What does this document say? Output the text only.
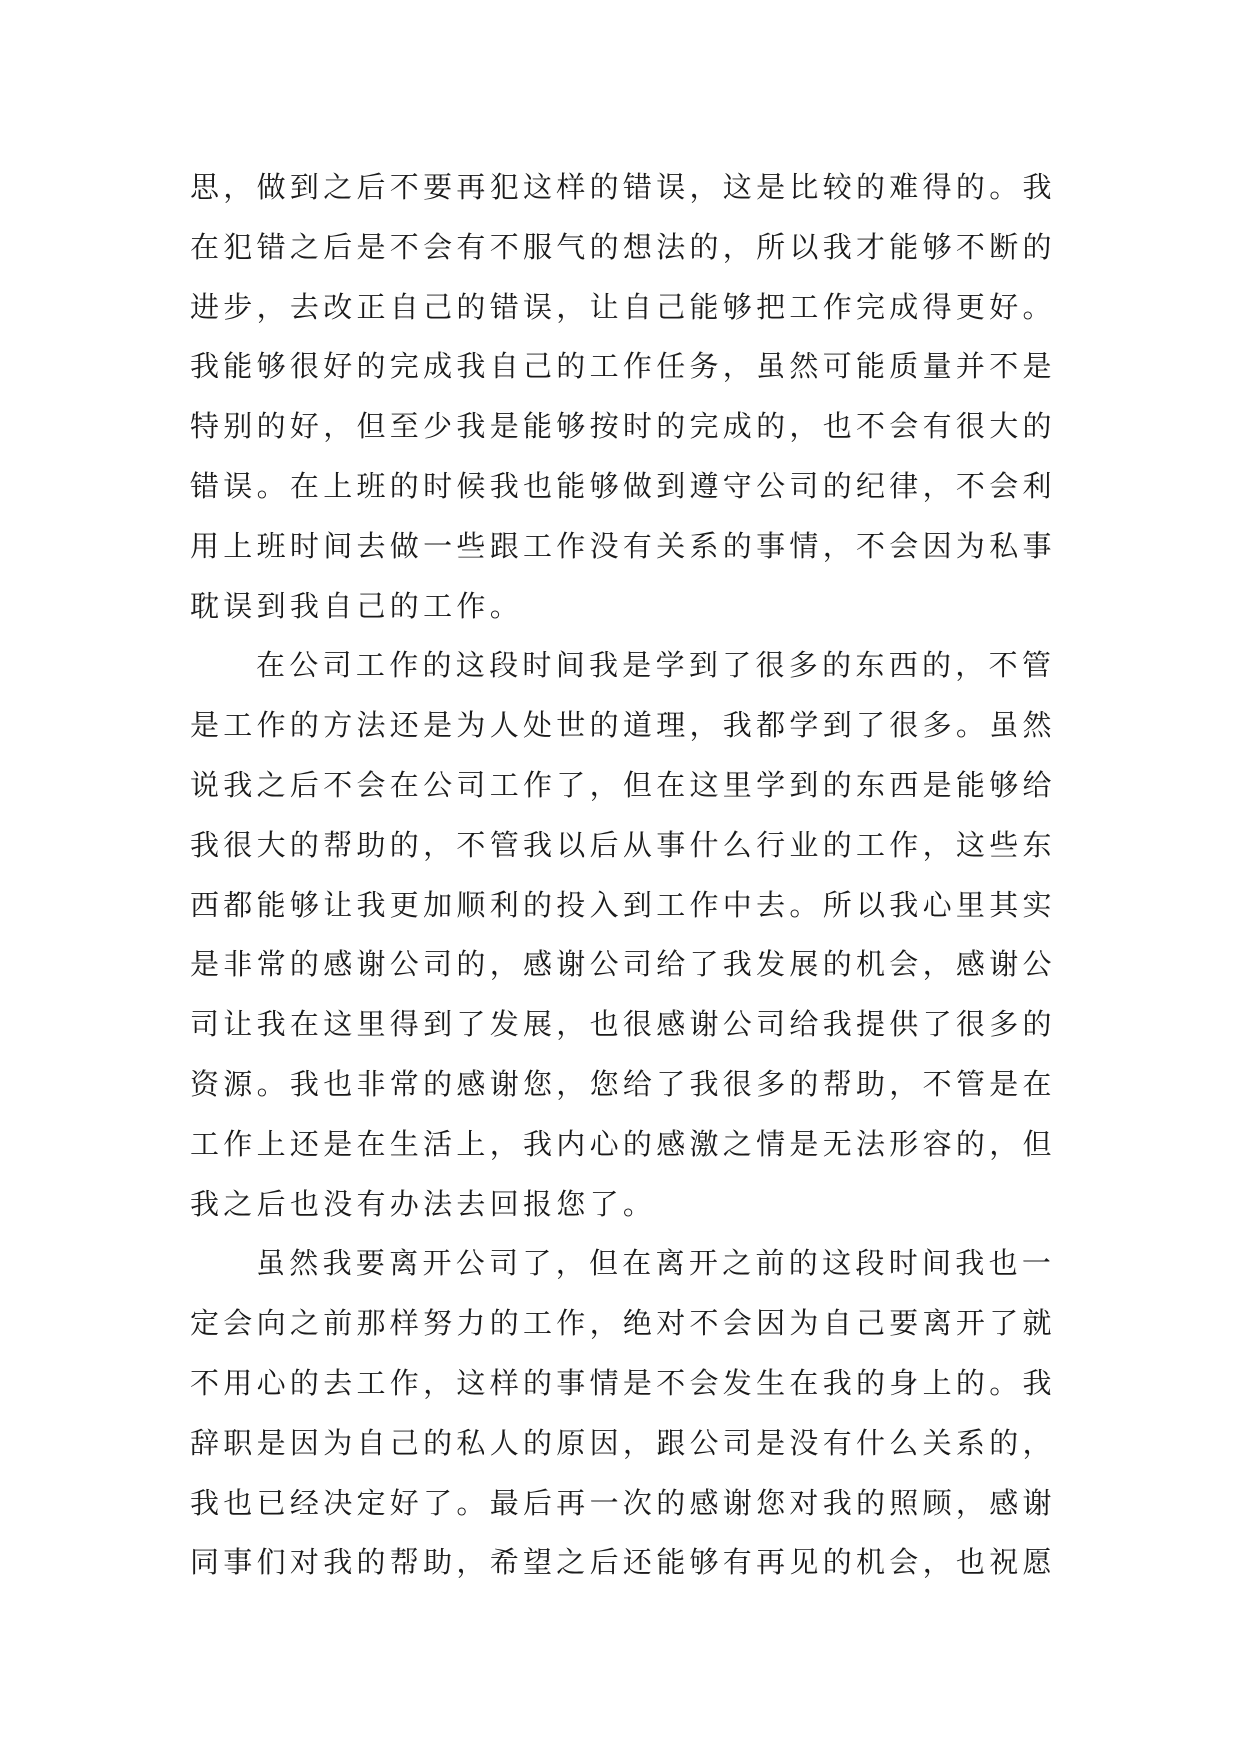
思，做到之后不要再犯这样的错误，这是比较的难得的。我
在犯错之后是不会有不服气的想法的，所以我才能够不断的
进步，去改正自己的错误，让自己能够把工作完成得更好。
我能够很好的完成我自己的工作任务，虽然可能质量并不是
特别的好，但至少我是能够按时的完成的，也不会有很大的
错误。在上班的时候我也能够做到遵守公司的纪律，不会利
用上班时间去做一些跟工作没有关系的事情，不会因为私事
耽误到我自己的工作。
在公司工作的这段时间我是学到了很多的东西的，不管
是工作的方法还是为人处世的道理，我都学到了很多。虽然
说我之后不会在公司工作了，但在这里学到的东西是能够给
我很大的帮助的，不管我以后从事什么行业的工作，这些东
西都能够让我更加顺利的投入到工作中去。所以我心里其实
是非常的感谢公司的，感谢公司给了我发展的机会，感谢公
司让我在这里得到了发展，也很感谢公司给我提供了很多的
资源。我也非常的感谢您，您给了我很多的帮助，不管是在
工作上还是在生活上，我内心的感激之情是无法形容的，但
我之后也没有办法去回报您了。
虽然我要离开公司了，但在离开之前的这段时间我也一
定会向之前那样努力的工作，绝对不会因为自己要离开了就
不用心的去工作，这样的事情是不会发生在我的身上的。我
辞职是因为自己的私人的原因，跟公司是没有什么关系的，
我也已经决定好了。最后再一次的感谢您对我的照顾，感谢
同事们对我的帮助，希望之后还能够有再见的机会，也祝愿
